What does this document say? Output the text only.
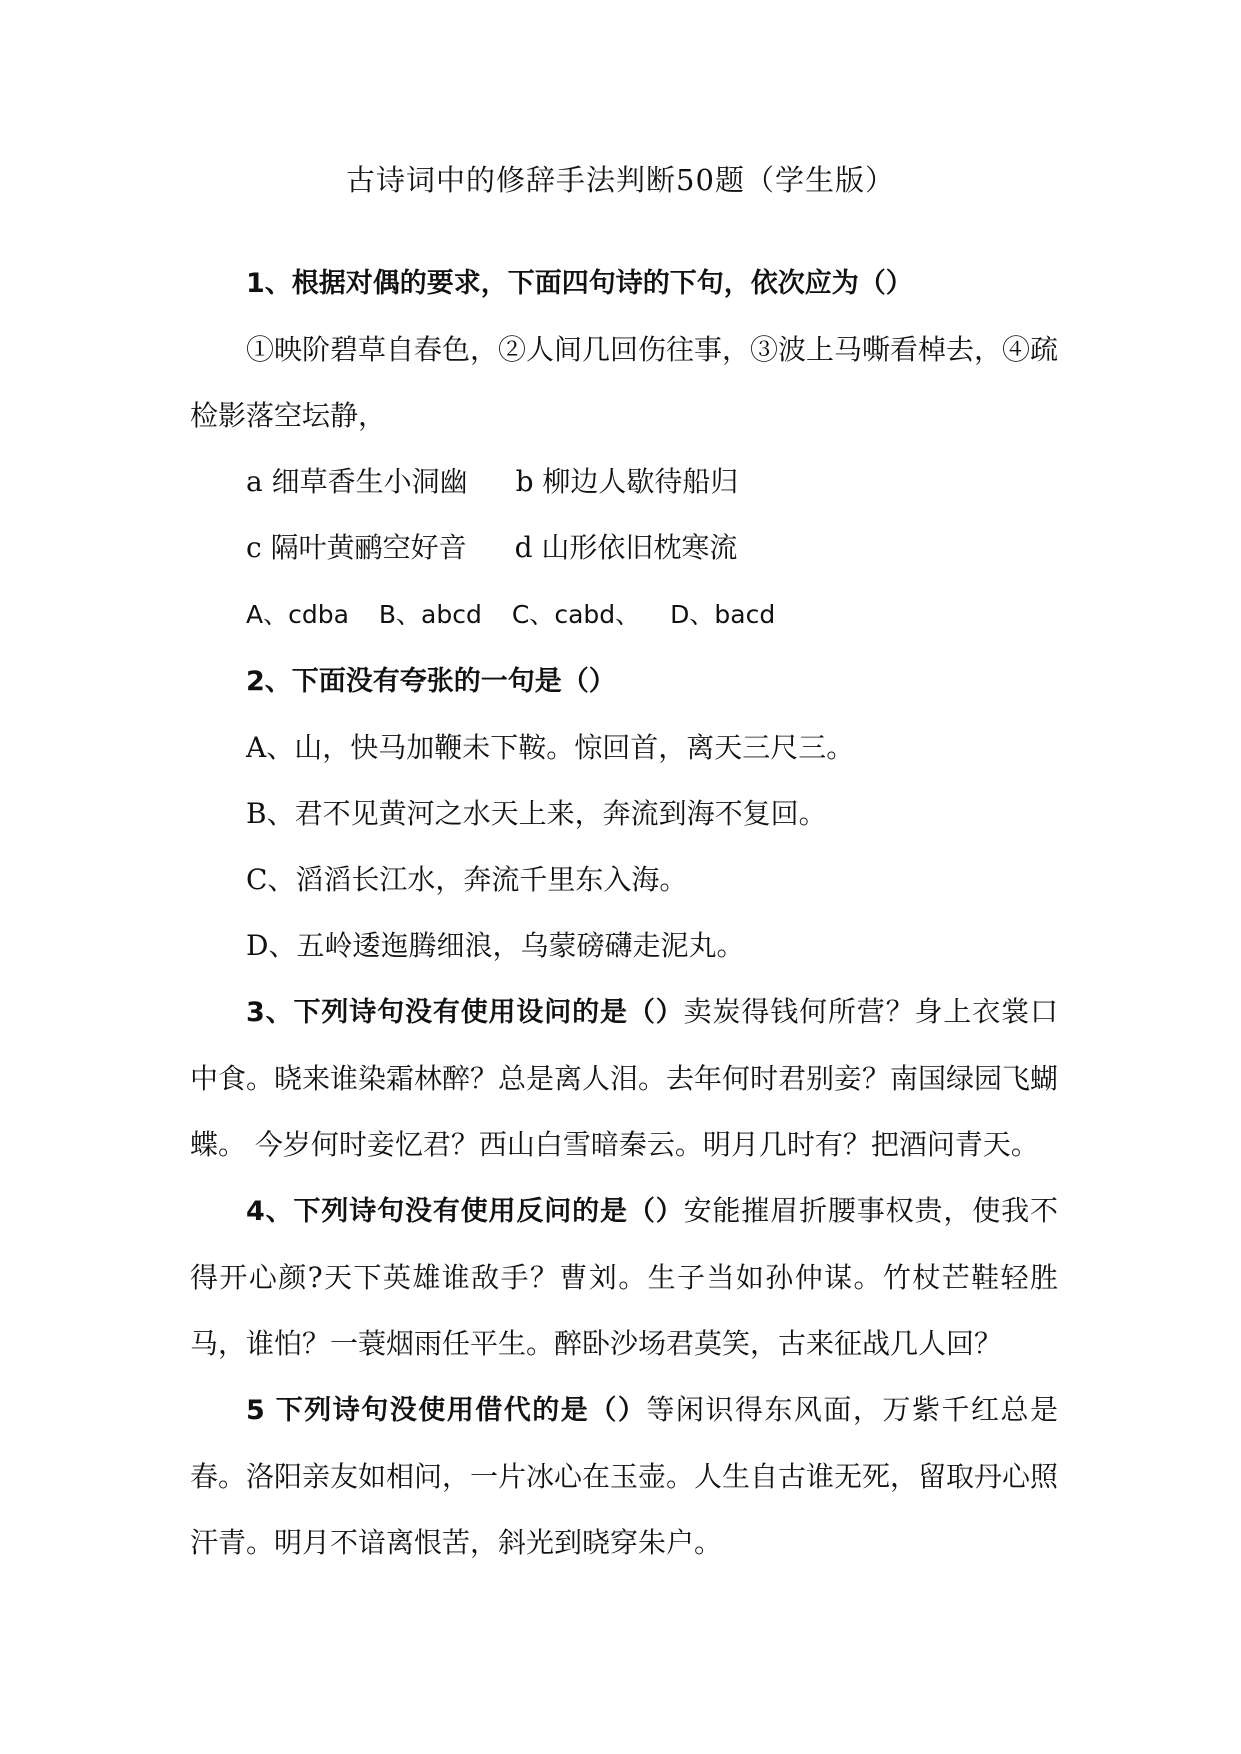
古诗词中的修辞手法判断50题（学生版）

1、根据对偶的要求，下面四句诗的下句，依次应为（）

①映阶碧草自春色，②人间几回伤往事，③波上马嘶看棹去，④疏检影落空坛静，

a 细草香生小洞幽 b 柳边人歇待船归

c 隔叶黄鹂空好音 d 山形依旧枕寒流

A、cdba B、abcd C、cabd、 D、bacd

2、下面没有夸张的一句是（）

A、山，快马加鞭未下鞍。惊回首，离天三尺三。

B、君不见黄河之水天上来，奔流到海不复回。

C、滔滔长江水，奔流千里东入海。

D、五岭逶迤腾细浪，乌蒙磅礴走泥丸。

3、下列诗句没有使用设问的是（）卖炭得钱何所营？身上衣裳口中食。晓来谁染霜林醉？总是离人泪。去年何时君别妾？南国绿园飞蝴蝶。 今岁何时妾忆君？西山白雪暗秦云。明月几时有？把酒问青天。

4、下列诗句没有使用反问的是（）安能摧眉折腰事权贵，使我不得开心颜?天下英雄谁敌手？曹刘。生子当如孙仲谋。竹杖芒鞋轻胜马，谁怕？一蓑烟雨任平生。醉卧沙场君莫笑，古来征战几人回？

5 下列诗句没使用借代的是（）等闲识得东风面，万紫千红总是春。洛阳亲友如相问，一片冰心在玉壶。人生自古谁无死，留取丹心照汗青。明月不谙离恨苦，斜光到晓穿朱户。
